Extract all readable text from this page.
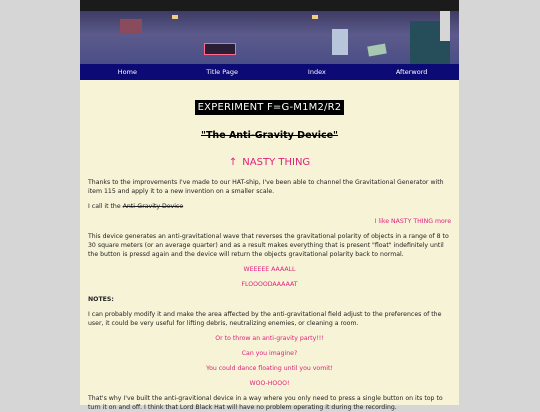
Home	Title Page	Index	Afterword
EXPERIMENT F=G-M1M2/R2
"The Anti-Gravity Device"
↑ NASTY THING

Thanks to the improvements I've made to our HAT-ship, I've been able to channel the Gravitational Generator with item 115 and apply it to a new invention on a smaller scale.

I call it the Anti-Gravity Device

I like NASTY THING more

This device generates an anti-gravitational wave that reverses the gravitational polarity of objects in a range of 8 to 30 square meters (or an average quarter) and as a result makes everything that is present "float" indefinitely until the button is pressd again and the device will return the objects gravitational polarity back to normal.

WEEEEE AAAALL

FLOOOODAAAAAT

NOTES:

I can probably modify it and make the area affected by the anti-gravitational field adjust to the preferences of the user, it could be very useful for lifting debris, neutralizing enemies, or cleaning a room.

Or to throw an anti-gravity party!!!

Can you imagine?

You could dance floating until you vomit!

WOO-HOOO!

That's why I've built the anti-gravitional device in a way where you only need to press a single button on its top to turn it on and off. I think that Lord Black Hat will have no problem operating it during the recording.
